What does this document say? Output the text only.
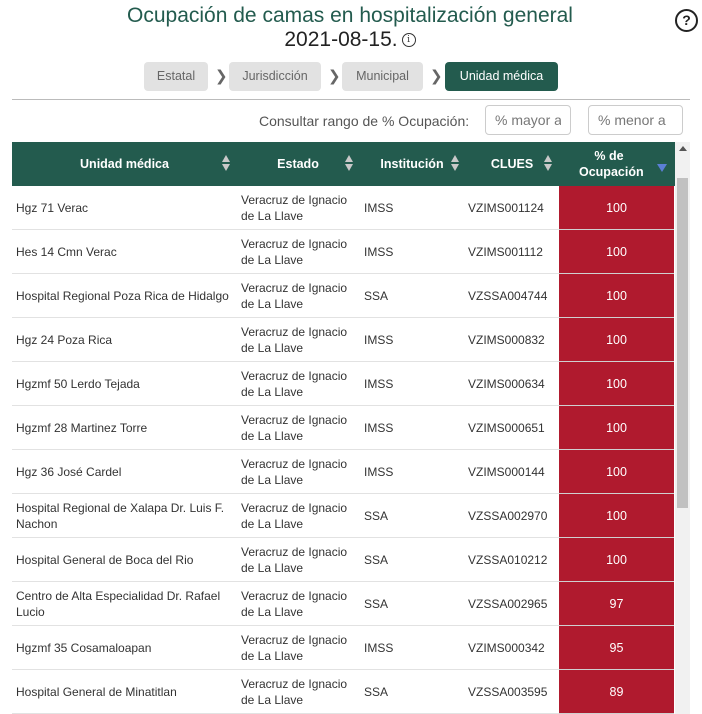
Ocupación de camas en hospitalización general
2021-08-15. i
?
Estatal	❯	Jurisdicción	❯	Municipal	❯	Unidad médica
Consultar rango de % Ocupación:
% mayor a
% menor a
Unidad médica	Estado	Institución	CLUES
% de Ocupación
Hgz 71 Verac
Veracruz de Ignacio de La Llave
IMSS	VZIMS001124	100
Hes 14 Cmn Verac
Veracruz de Ignacio de La Llave
IMSS	VZIMS001112	100
Hospital Regional Poza Rica de Hidalgo
Veracruz de Ignacio de La Llave
SSA	VZSSA004744	100
Hgz 24 Poza Rica
Veracruz de Ignacio de La Llave
IMSS	VZIMS000832	100
Hgzmf 50 Lerdo Tejada
Veracruz de Ignacio de La Llave
IMSS	VZIMS000634	100
Hgzmf 28 Martinez Torre
Veracruz de Ignacio de La Llave
IMSS	VZIMS000651	100
Hgz 36 José Cardel
Veracruz de Ignacio de La Llave
IMSS	VZIMS000144	100
Hospital Regional de Xalapa Dr. Luis F. Nachon
Veracruz de Ignacio de La Llave
SSA	VZSSA002970	100
Hospital General de Boca del Rio
Veracruz de Ignacio de La Llave
SSA	VZSSA010212	100
Centro de Alta Especialidad Dr. Rafael Lucio
Veracruz de Ignacio de La Llave
SSA	VZSSA002965	97
Hgzmf 35 Cosamaloapan
Veracruz de Ignacio de La Llave
IMSS	VZIMS000342	95
Hospital General de Minatitlan
Veracruz de Ignacio de La Llave
SSA	VZSSA003595	89
